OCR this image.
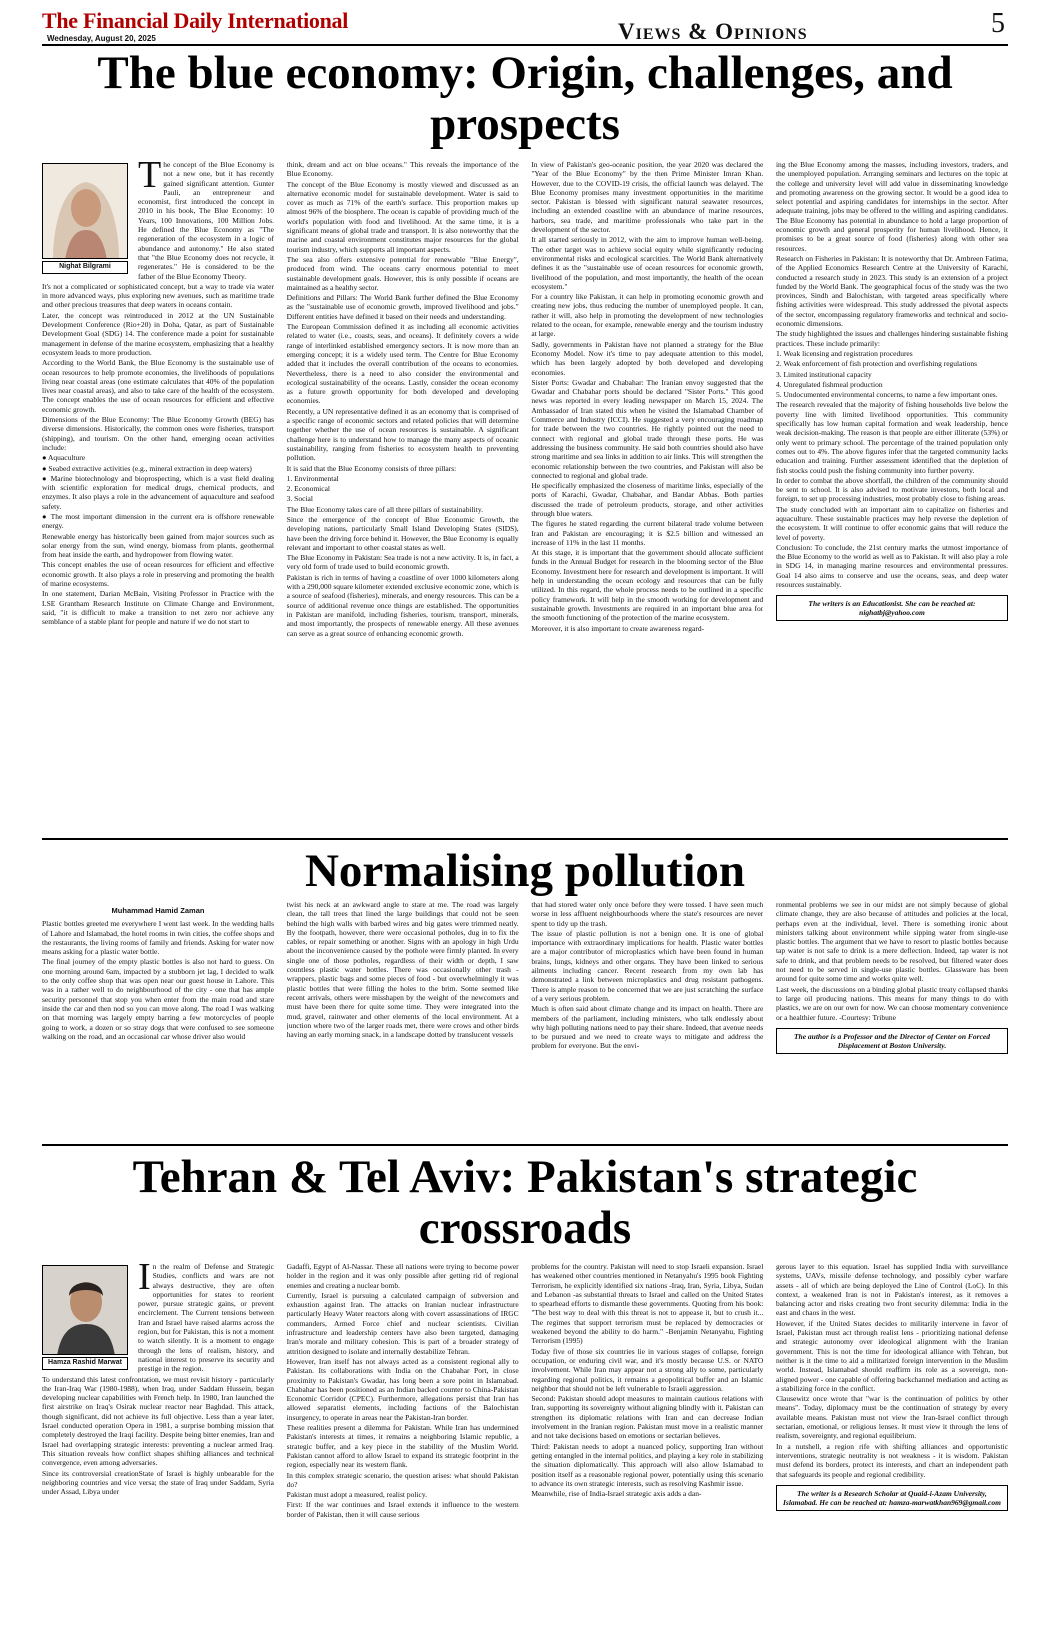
The Financial Daily International
Wednesday, August 20, 2025	Views & Opinions	5
The blue economy: Origin, challenges, and prospects
Nighat Bilgrami
T he concept of the Blue Economy is not a new one, but it has recently gained significant attention. Gunter Pauli, an entrepreneur and economist, first introduced the concept in 2010 in his book, The Blue Economy: 10 Years, 100 Innovations, 100 Million Jobs. He defined the Blue Economy as "The regeneration of the ecosystem in a logic of abundance and autonomy." He also stated that "the Blue Economy does not recycle, it regenerates." He is considered to be the father of the Blue Economy Theory.

It's not a complicated or sophisticated concept, but a way to trade via water in more advanced ways, plus exploring new avenues, such as maritime trade and other precious treasures that deep waters in oceans contain.

Later, the concept was reintroduced in 2012 at the UN Sustainable Development Conference (Rio+20) in Doha, Qatar, as part of Sustainable Development Goal (SDG) 14. The conference made a point for sustainable management in defense of the marine ecosystem, emphasizing that a healthy ecosystem leads to more production.

According to the World Bank, the Blue Economy is the sustainable use of ocean resources to help promote economies, the livelihoods of populations living near coastal areas (one estimate calculates that 40% of the population lives near coastal areas), and also to take care of the health of the ecosystem. The concept enables the use of ocean resources for efficient and effective economic growth.

Dimensions of the Blue Economy: The Blue Economy Growth (BEG) has diverse dimensions. Historically, the common ones were fisheries, transport (shipping), and tourism. On the other hand, emerging ocean activities include:

● Aquaculture

● Seabed extractive activities (e.g., mineral extraction in deep waters)

● Marine biotechnology and bioprospecting, which is a vast field dealing with scientific exploration for medical drugs, chemical products, and enzymes. It also plays a role in the advancement of aquaculture and seafood safety.

● The most important dimension in the current era is offshore renewable energy.

Renewable energy has historically been gained from major sources such as solar energy from the sun, wind energy, biomass from plants, geothermal from heat inside the earth, and hydropower from flowing water.

This concept enables the use of ocean resources for efficient and effective economic growth. It also plays a role in preserving and promoting the health of marine ecosystems.

In one statement, Darian McBain, Visiting Professor in Practice with the LSE Grantham Research Institute on Climate Change and Environment, said, "it is difficult to make a transition to net zero nor achieve any semblance of a stable plant for people and nature if we do not start to

think, dream and act on blue oceans." This reveals the importance of the Blue Economy.

The concept of the Blue Economy is mostly viewed and discussed as an alternative economic model for sustainable development. Water is said to cover as much as 71% of the earth's surface. This proportion makes up almost 96% of the biosphere. The ocean is capable of providing much of the world's population with food and livelihood. At the same time, it is a significant means of global trade and transport. It is also noteworthy that the marine and coastal environment constitutes major resources for the global tourism industry, which supports all important aspects.

The sea also offers extensive potential for renewable "Blue Energy", produced from wind. The oceans carry enormous potential to meet sustainable development goals. However, this is only possible if oceans are maintained as a healthy sector.

Definitions and Pillars: The World Bank further defined the Blue Economy as the "sustainable use of economic growth, improved livelihood and jobs." Different entities have defined it based on their needs and understanding.

The European Commission defined it as including all economic activities related to water (i.e., coasts, seas, and oceans). It definitely covers a wide range of interlinked established emergency sectors. It is now more than an emerging concept; it is a widely used term. The Centre for Blue Economy added that it includes the overall contribution of the oceans to economies. Nevertheless, there is a need to also consider the environmental and ecological sustainability of the oceans. Lastly, consider the ocean economy as a future growth opportunity for both developed and developing economies.

Recently, a UN representative defined it as an economy that is comprised of a specific range of economic sectors and related policies that will determine together whether the use of ocean resources is sustainable. A significant challenge here is to understand how to manage the many aspects of oceanic sustainability, ranging from fisheries to ecosystem health to preventing pollution.

It is said that the Blue Economy consists of three pillars:

1. Environmental

2. Economical

3. Social

The Blue Economy takes care of all three pillars of sustainability.

Since the emergence of the concept of Blue Economic Growth, the developing nations, particularly Small Island Developing States (SIDS), have been the driving force behind it. However, the Blue Economy is equally relevant and important to other coastal states as well.

The Blue Economy in Pakistan: Sea trade is not a new activity. It is, in fact, a very old form of trade used to build economic growth.

Pakistan is rich in terms of having a coastline of over 1000 kilometers along with a 290,000 square kilometer extended exclusive economic zone, which is a source of seafood (fisheries), minerals, and energy resources. This can be a source of additional revenue once things are established. The opportunities in Pakistan are manifold, including fisheries, tourism, transport, minerals, and most importantly, the prospects of renewable energy. All these avenues can serve as a great source of enhancing economic growth.

In view of Pakistan's geo-oceanic position, the year 2020 was declared the "Year of the Blue Economy" by the then Prime Minister Imran Khan. However, due to the COVID-19 crisis, the official launch was delayed. The Blue Economy promises many investment opportunities in the maritime sector. Pakistan is blessed with significant natural seawater resources, including an extended coastline with an abundance of marine resources, harbors, sea trade, and maritime professionals who take part in the development of the sector.

It all started seriously in 2012, with the aim to improve human well-being. The other target was to achieve social equity while significantly reducing environmental risks and ecological scarcities. The World Bank alternatively defines it as the "sustainable use of ocean resources for economic growth, livelihood of the population, and most importantly, the health of the ocean ecosystem."

For a country like Pakistan, it can help in promoting economic growth and creating new jobs, thus reducing the number of unemployed people. It can, rather it will, also help in promoting the development of new technologies related to the ocean, for example, renewable energy and the tourism industry at large.

Sadly, governments in Pakistan have not planned a strategy for the Blue Economy Model. Now it's time to pay adequate attention to this model, which has been largely adopted by both developed and developing economies.

Sister Ports: Gwadar and Chabahar: The Iranian envoy suggested that the Gwadar and Chabahar ports should be declared "Sister Ports." This good news was reported in every leading newspaper on March 15, 2024. The Ambassador of Iran stated this when he visited the Islamabad Chamber of Commerce and Industry (ICCI). He suggested a very encouraging roadmap for trade between the two countries. He rightly pointed out the need to connect with regional and global trade through these ports. He was addressing the business community. He said both countries should also have strong maritime and sea links in addition to air links. This will strengthen the economic relationship between the two countries, and Pakistan will also be connected to regional and global trade.

He specifically emphasized the closeness of maritime links, especially of the ports of Karachi, Gwadar, Chabahar, and Bandar Abbas. Both parties discussed the trade of petroleum products, storage, and other activities through blue waters.

The figures he stated regarding the current bilateral trade volume between Iran and Pakistan are encouraging; it is $2.5 billion and witnessed an increase of 11% in the last 11 months.

At this stage, it is important that the government should allocate sufficient funds in the Annual Budget for research in the blooming sector of the Blue Economy. Investment here for research and development is important. It will help in understanding the ocean ecology and resources that can be fully utilized. In this regard, the whole process needs to be outlined in a specific policy framework. It will help in the smooth working for development and sustainable growth. Investments are required in an important blue area for the smooth functioning of the protection of the marine ecosystem.

Moreover, it is also important to create awareness regard-

ing the Blue Economy among the masses, including investors, traders, and the unemployed population. Arranging seminars and lectures on the topic at the college and university level will add value in disseminating knowledge and promoting awareness on the growing sector. It would be a good idea to select potential and aspiring candidates for internships in the sector. After adequate training, jobs may be offered to the willing and aspiring candidates. The Blue Economy has potential in abundance to hold a large proportion of economic growth and general prosperity for human livelihood. Hence, it promises to be a great source of food (fisheries) along with other sea resources.

Research on Fisheries in Pakistan: It is noteworthy that Dr. Ambreen Fatima, of the Applied Economics Research Centre at the University of Karachi, conducted a research study in 2023. This study is an extension of a project funded by the World Bank. The geographical focus of the study was the two provinces, Sindh and Balochistan, with targeted areas specifically where fishing activities were widespread. This study addressed the pivotal aspects of the sector, encompassing regulatory frameworks and technical and socio-economic dimensions.

The study highlighted the issues and challenges hindering sustainable fishing practices. These include primarily:

1. Weak licensing and registration procedures

2. Weak enforcement of fish protection and overfishing regulations

3. Limited institutional capacity

4. Unregulated fishmeal production

5. Undocumented environmental concerns, to name a few important ones.

The research revealed that the majority of fishing households live below the poverty line with limited livelihood opportunities. This community specifically has low human capital formation and weak leadership, hence weak decision-making. The reason is that people are either illiterate (53%) or only went to primary school. The percentage of the trained population only comes out to 4%. The above figures infer that the targeted community lacks education and training. Further assessment identified that the depletion of fish stocks could push the fishing community into further poverty.

In order to combat the above shortfall, the children of the community should be sent to school. It is also advised to motivate investors, both local and foreign, to set up processing industries, most probably close to fishing areas.

The study concluded with an important aim to capitalize on fisheries and aquaculture. These sustainable practices may help reverse the depletion of the ecosystem. It will continue to offer economic gains that will reduce the level of poverty.

Conclusion: To conclude, the 21st century marks the utmost importance of the Blue Economy to the world as well as to Pakistan. It will also play a role in SDG 14, in managing marine resources and environmental pressures. Goal 14 also aims to conserve and use the oceans, seas, and deep water resources sustainably.

The writers is an Educationist. She can be reached at: nighatbj@yahoo.com
Normalising pollution
Muhammad Hamid Zaman

Plastic bottles greeted me everywhere I went last week. In the wedding halls of Lahore and Islamabad, the hotel rooms in twin cities, the coffee shops and the restaurants, the living rooms of family and friends. Asking for water now means asking for a plastic water bottle.

The final journey of the empty plastic bottles is also not hard to guess. On one morning around 6am, impacted by a stubborn jet lag, I decided to walk to the only coffee shop that was open near our guest house in Lahore. This was in a rather well to do neighbourhood of the city - one that has ample security personnel that stop you when enter from the main road and stare inside the car and then nod so you can move along. The road I was walking on that morning was largely empty barring a few motorcycles of people going to work, a dozen or so stray dogs that were confused to see someone walking on the road, and an occasional car whose driver also would

twist his neck at an awkward angle to stare at me. The road was largely clean, the tall trees that lined the large buildings that could not be seen behind the high walls with barbed wires and big gates were trimmed neatly. By the footpath, however, there were occasional potholes, dug in to fix the cables, or repair something or another. Signs with an apology in high Urdu about the inconvenience caused by the pothole were firmly planted. In every single one of those potholes, regardless of their width or depth, I saw countless plastic water bottles. There was occasionally other trash - wrappers, plastic bags and some pieces of food - but overwhelmingly it was plastic bottles that were filling the holes to the brim. Some seemed like recent arrivals, others were misshapen by the weight of the newcomers and must have been there for quite some time. They were integrated into the mud, gravel, rainwater and other elements of the local environment. At a junction where two of the larger roads met, there were crows and other birds having an early morning snack, in a landscape dotted by translucent vessels

that had stored water only once before they were tossed. I have seen much worse in less affluent neighbourhoods where the state's resources are never spent to tidy up the trash.

The issue of plastic pollution is not a benign one. It is one of global importance with extraordinary implications for health. Plastic water bottles are a major contributor of microplastics which have been found in human brains, lungs, kidneys and other organs. They have been linked to serious ailments including cancer. Recent research from my own lab has demonstrated a link between microplastics and drug resistant pathogens. There is ample reason to be concerned that we are just scratching the surface of a very serious problem.

Much is often said about climate change and its impact on health. There are members of the parliament, including ministers, who talk endlessly about why high polluting nations need to pay their share. Indeed, that avenue needs to be pursued and we need to create ways to mitigate and address the problem for everyone. But the envi-

ronmental problems we see in our midst are not simply because of global climate change, they are also because of attitudes and policies at the local, perhaps even at the individual, level. There is something ironic about ministers talking about environment while sipping water from single-use plastic bottles. The argument that we have to resort to plastic bottles because tap water is not safe to drink is a mere deflection. Indeed, tap water is not safe to drink, and that problem needs to be resolved, but filtered water does not need to be served in single-use plastic bottles. Glassware has been around for quite some time and works quite well.

Last week, the discussions on a binding global plastic treaty collapsed thanks to large oil producing nations. This means for many things to do with plastics, we are on our own for now. We can choose momentary convenience or a healthier future. -Courtesy: Tribune

The author is a Professor and the Director of Center on Forced Displacement at Boston University.
Tehran & Tel Aviv: Pakistan's strategic crossroads
Hamza Rashid Marwat
I n the realm of Defense and Strategic Studies, conflicts and wars are not always destructive, they are often opportunities for states to reorient power, pursue strategic gains, or prevent encirclement. The Current tensions between Iran and Israel have raised alarms across the region, but for Pakistan, this is not a moment to watch silently. It is a moment to engage through the lens of realism, history, and national interest to preserve its security and prestige in the region.

To understand this latest confrontation, we must revisit history - particularly the Iran-Iraq War (1980-1988), when Iraq, under Saddam Hussein, began developing nuclear capabilities with French help. In 1980, Iran launched the first airstrike on Iraq's Osirak nuclear reactor near Baghdad. This attack, though significant, did not achieve its full objective. Less than a year later, Israel conducted operation Opera in 1981, a surprise bombing mission that completely destroyed the Iraqi facility. Despite being bitter enemies, Iran and Israel had overlapping strategic interests: preventing a nuclear armed Iraq. This situation reveals how conflict shapes shifting alliances and technical convergence, even among adversaries.

Since its controversial creationState of Israel is highly unbearable for the neighboring countries and vice versa; the state of Iraq under Saddam, Syria under Assad, Libya under

Gadaffi, Egypt of Al-Nassar. These all nations were trying to become power holder in the region and it was only possible after getting rid of regional enemies and creating a nuclear bomb.

Currently, Israel is pursuing a calculated campaign of subversion and exhaustion against Iran. The attacks on Iranian nuclear infrastructure particularly Heavy Water reactors along with covert assassinations of IRGC commanders, Armed Force chief and nuclear scientists. Civilian infrastructure and leadership centers have also been targeted, damaging Iran's morale and military cohesion. This is part of a broader strategy of attrition designed to isolate and internally destabilize Tehran.

However, Iran itself has not always acted as a consistent regional ally to Pakistan. Its collaborations with India on the Chabahar Port, in close proximity to Pakistan's Gwadar, has long been a sore point in Islamabad. Chabahar has been positioned as an Indian backed counter to China-Pakistan Economic Corridor (CPEC). Furthermore, allegations persist that Iran has allowed separatist elements, including factions of the Balochistan insurgency, to operate in areas near the Pakistan-Iran border.

These realities present a dilemma for Pakistan. While Iran has undermined Pakistan's interests at times, it remains a neighboring Islamic republic, a strategic buffer, and a key piece in the stability of the Muslim World. Pakistan cannot afford to allow Israel to expand its strategic footprint in the region, especially near its western flank.

In this complex strategic scenario, the question arises: what should Pakistan do?

Pakistan must adopt a measured, realist policy.

First: If the war continues and Israel extends it influence to the western border of Pakistan, then it will cause serious

problems for the country. Pakistan will need to stop Israeli expansion. Israel has weakened other countries mentioned in Netanyahu's 1995 book Fighting Terrorism, he explicitly identified six nations -Iraq, Iran, Syria, Libya, Sudan and Lebanon -as substantial threats to Israel and called on the United States to spearhead efforts to dismantle these governments. Quoting from his book: "The best way to deal with this threat is not to appease it, but to crush it... The regimes that support terrorism must be replaced by democracies or weakened beyond the ability to do harm." -Benjamin Netanyahu, Fighting Terrorism (1995)

Today five of those six countries lie in various stages of collapse, foreign occupation, or enduring civil war, and it's mostly because U.S. or NATO involvement. While Iran may appear not a strong ally to some, particularly regarding regional politics, it remains a geopolitical buffer and an Islamic neighbor that should not be left vulnerable to Israeli aggression.

Second: Pakistan should adopt measures to maintain cautious relations with Iran, supporting its sovereignty without aligning blindly with it. Pakistan can strengthen its diplomatic relations with Iran and can decrease Indian involvement in the Iranian region. Pakistan must move in a realistic manner and not take decisions based on emotions or sectarian believes.

Third: Pakistan needs to adopt a nuanced policy, supporting Iran without getting entangled in the internal politics, and playing a key role in stabilizing the situation diplomatically. This approach will also allow Islamabad to position itself as a reasonable regional power, potentially using this scenario to advance its own strategic interests, such as resolving Kashmir issue.

Meanwhile, rise of India-Israel strategic axis adds a dan-

gerous layer to this equation. Israel has supplied India with surveillance systems, UAVs, missile defense technology, and possibly cyber warfare assets - all of which are being deployed the Line of Control (LoC). In this context, a weakened Iran is not in Pakistan's interest, as it removes a balancing actor and risks creating two front security dilemma: India in the east and chaos in the west.

However, if the United States decides to militarily intervene in favor of Israel, Pakistan must act through realist lens - prioritizing national defense and strategic autonomy over ideological alignment with the Iranian government. This is not the time for ideological alliance with Tehran, but neither is it the time to aid a militarized foreign intervention in the Muslim world. Instead, Islamabad should reaffirm its role as a sovereign, non-aligned power - one capable of offering backchannel mediation and acting as a stabilizing force in the conflict.

Clausewitz once wrote that "war is the continuation of politics by other means". Today, diplomacy must be the continuation of strategy by every available means. Pakistan must not view the Iran-Israel conflict through sectarian, emotional, or religious lenses. It must view it through the lens of realism, sovereignty, and regional equilibrium.

In a nutshell, a region rife with shifting alliances and opportunistic interventions, strategic neutrality is not weakness - it is wisdom. Pakistan must defend its borders, protect its interests, and chart an independent path that safeguards its people and regional credibility.

The writer is a Research Scholar at Quaid-i-Azam University, Islamabad. He can be reached at: hamza-marwatkhan969@gmail.com
